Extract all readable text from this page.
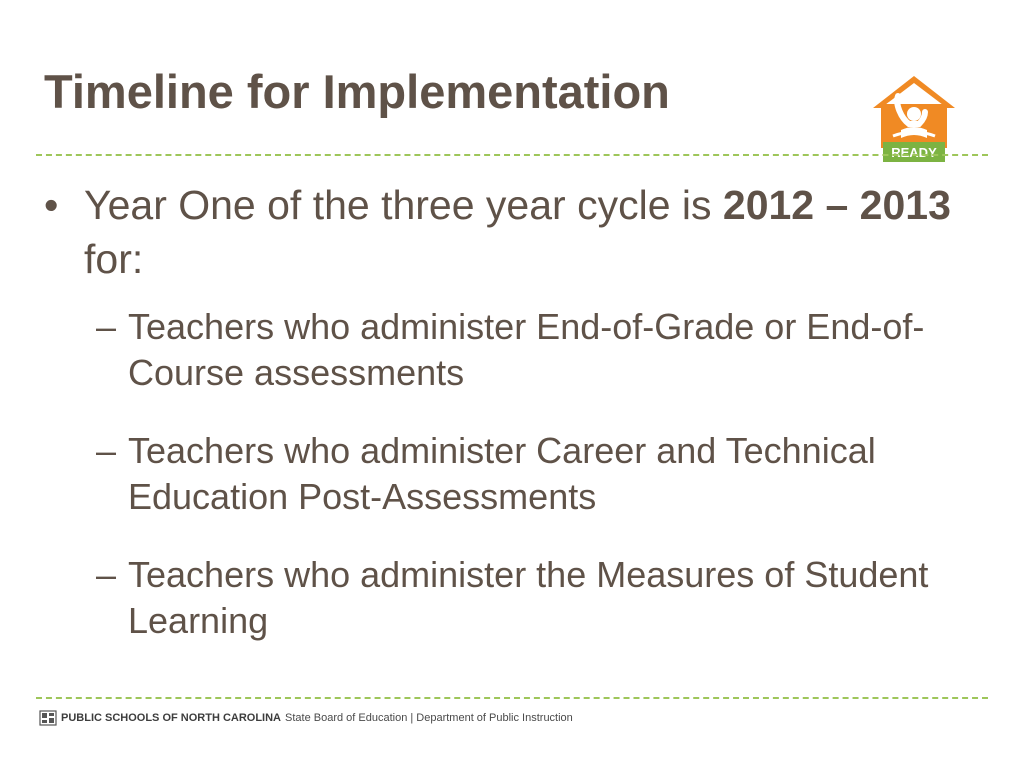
Timeline for Implementation
READY
• Year One of the three year cycle is 2012 – 2013 for:
– Teachers who administer End-of-Grade or End-of-Course assessments
– Teachers who administer Career and Technical Education Post-Assessments
– Teachers who administer the Measures of Student Learning
PUBLIC SCHOOLS OF NORTH CAROLINA State Board of Education | Department of Public Instruction
